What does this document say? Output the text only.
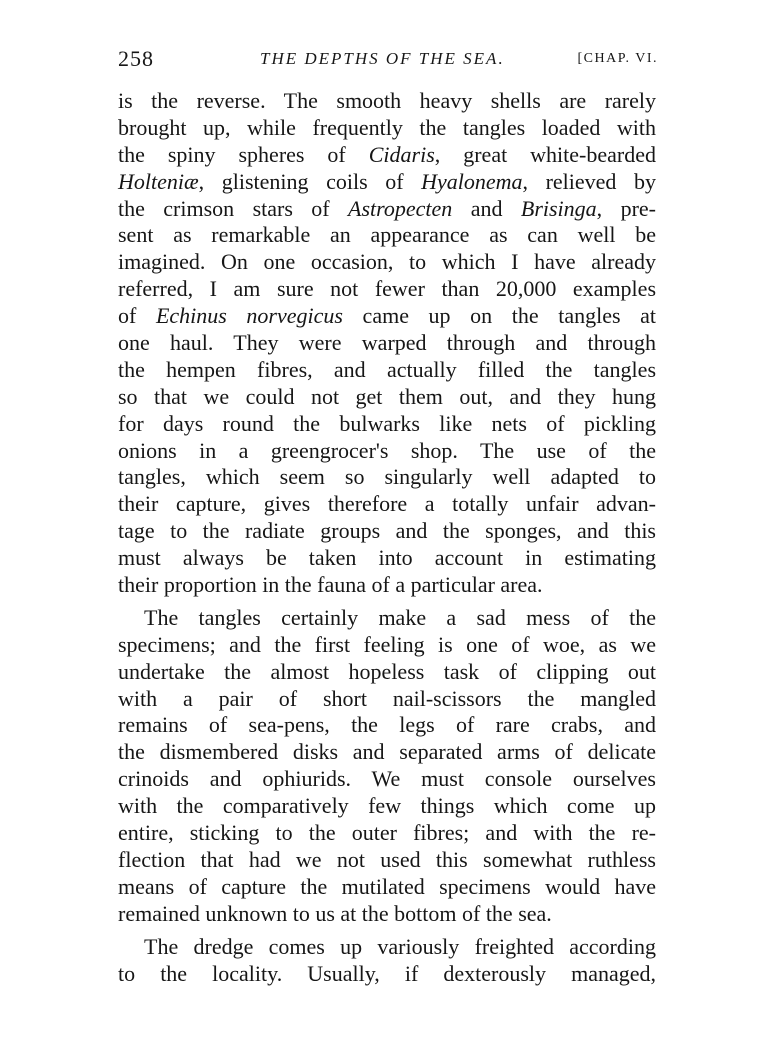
258	THE DEPTHS OF THE SEA.	[CHAP. VI.
is the reverse. The smooth heavy shells are rarely
brought up, while frequently the tangles loaded with
the spiny spheres of Cidaris, great white-bearded
Holteniæ, glistening coils of Hyalonema, relieved by
the crimson stars of Astropecten and Brisinga, pre-
sent as remarkable an appearance as can well be
imagined. On one occasion, to which I have already
referred, I am sure not fewer than 20,000 examples
of Echinus norvegicus came up on the tangles at
one haul. They were warped through and through
the hempen fibres, and actually filled the tangles
so that we could not get them out, and they hung
for days round the bulwarks like nets of pickling
onions in a greengrocer's shop. The use of the
tangles, which seem so singularly well adapted to
their capture, gives therefore a totally unfair advan-
tage to the radiate groups and the sponges, and this
must always be taken into account in estimating
their proportion in the fauna of a particular area.
The tangles certainly make a sad mess of the
specimens; and the first feeling is one of woe, as we
undertake the almost hopeless task of clipping out
with a pair of short nail-scissors the mangled
remains of sea-pens, the legs of rare crabs, and
the dismembered disks and separated arms of delicate
crinoids and ophiurids. We must console ourselves
with the comparatively few things which come up
entire, sticking to the outer fibres; and with the re-
flection that had we not used this somewhat ruthless
means of capture the mutilated specimens would have
remained unknown to us at the bottom of the sea.
The dredge comes up variously freighted according
to the locality. Usually, if dexterously managed,
